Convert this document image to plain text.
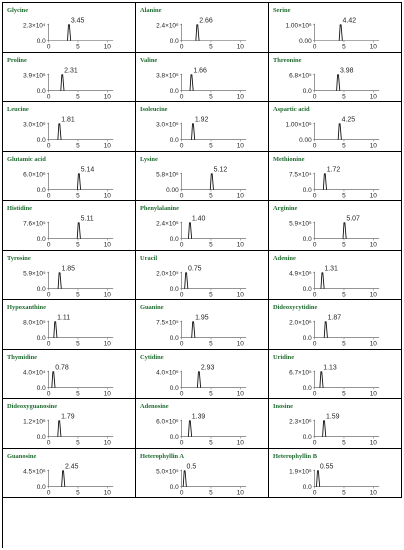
Glycine
2.3×10⁴
0.0
0	5	10
3.45
Alanine
2.4×10⁶
0.0
0	5	10
2.66
Serine
1.00×10⁶
0.00
0	5	10
4.42
Proline
3.9×10⁶
0.0
0	5	10
2.31
Valine
3.8×10⁶
0.0
0	5	10
1.66
Threonine
6.8×10⁵
0.0
0	5	10
3.98
Leucine
3.0×10⁶
0.0
0	5	10
1.81
Isoleucine
3.0×10⁶
0.0
0	5	10
1.92
Aspartic acid
1.00×10⁶
0.00
0	5	10
4.25
Glutamic acid
6.0×10⁶
0.0
0	5	10
5.14
Lysine
5.8×10⁶
0.00
0	5	10
5.12
Methionine
7.5×10⁴
0.0
0	5	10
1.72
Histidine
7.6×10⁵
0.0
0	5	10
5.11
Phenylalanine
2.4×10⁶
0.0
0	5	10
1.40
Arginine
5.9×10⁶
0.0
0	5	10
5.07
Tyrosine
5.9×10⁵
0.0
0	5	10
1.85
Uracil
2.0×10⁵
0.0
0	5	10
0.75
Adenine
4.9×10⁶
0.0
0	5	10
1.31
Hypoxanthine
8.0×10⁵
0.0
0	5	10
1.11
Guanine
7.5×10⁵
0.0
0	5	10
1.95
Dideoxycytidine
2.0×10⁶
0.0
0	5	10
1.87
Thymidine
4.0×10⁴
0.0
0	5	10
0.78
Cytidine
4.0×10⁶
0.0
0	5	10
2.93
Uridine
6.7×10⁵
0.0
0	5	10
1.13
Dideoxyguanosine
1.2×10⁶
0.0
0	5	10
1.79
Adenosine
6.0×10⁶
0.0
0	5	10
1.39
Inosine
2.3×10⁶
0.0
0	5	10
1.59
Guanosine
4.5×10⁶
0.0
0	5	10
2.45
Heterophyllin A
5.0×10⁵
0.0
0	5	10
0.5
Heterophyllin B
1.9×10⁶
0.0
0	5	10
0.55
